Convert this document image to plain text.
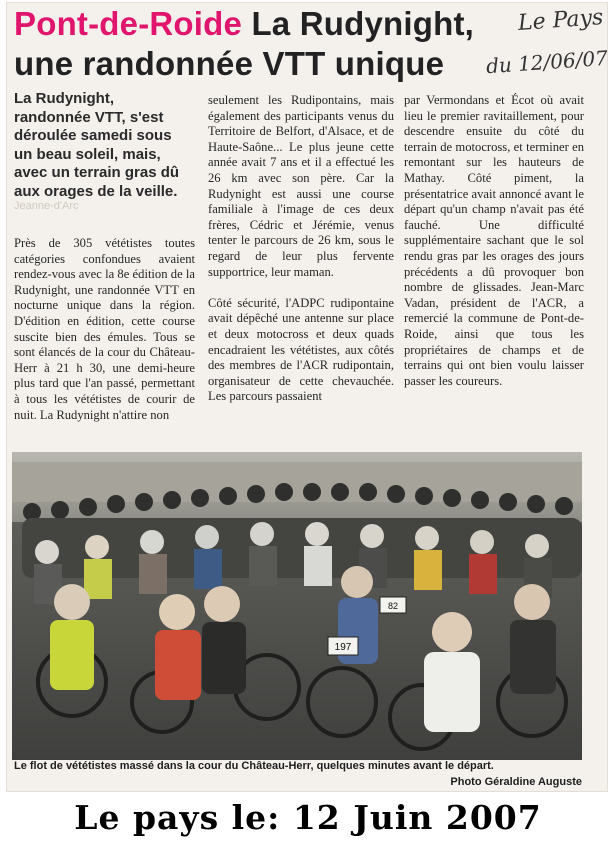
Pont-de-Roide La Rudynight, une randonnée VTT unique
Le Pays
du 12/06/07
La Rudynight, randonnée VTT, s'est déroulée samedi sous un beau soleil, mais, avec un terrain gras dû aux orages de la veille.
Jeanne-d'Arc
Près de 305 vététistes toutes catégories confondues avaient rendez-vous avec la 8e édition de la Rudynight, une randonnée VTT en nocturne unique dans la région. D'édition en édition, cette course suscite bien des émules. Tous se sont élancés de la cour du Château-Herr à 21 h 30, une demi-heure plus tard que l'an passé, permettant à tous les vététistes de courir de nuit. La Rudynight n'attire non
seulement les Rudipontains, mais également des participants venus du Territoire de Belfort, d'Alsace, et de Haute-Saône... Le plus jeune cette année avait 7 ans et il a effectué les 26 km avec son père. Car la Rudynight est aussi une course familiale à l'image de ces deux frères, Cédric et Jérémie, venus tenter le parcours de 26 km, sous le regard de leur plus fervente supportrice, leur maman.

Côté sécurité, l'ADPC rudipontaine avait dépêché une antenne sur place et deux motocross et deux quads encadraient les vététistes, aux côtés des membres de l'ACR rudipontain, organisateur de cette chevauchée. Les parcours passaient
par Vermondans et Écot où avait lieu le premier ravitaillement, pour descendre ensuite du côté du terrain de motocross, et terminer en remontant sur les hauteurs de Mathay. Côté piment, la présentatrice avait annoncé avant le départ qu'un champ n'avait pas été fauché. Une difficulté supplémentaire sachant que le sol rendu gras par les orages des jours précédents a dû provoquer bon nombre de glissades. Jean-Marc Vadan, président de l'ACR, a remercié la commune de Pont-de-Roide, ainsi que tous les propriétaires de champs et de terrains qui ont bien voulu laisser passer les coureurs.
197
82
Le flot de vététistes massé dans la cour du Château-Herr, quelques minutes avant le départ.
Photo Géraldine Auguste
Le pays le: 12 Juin 2007
